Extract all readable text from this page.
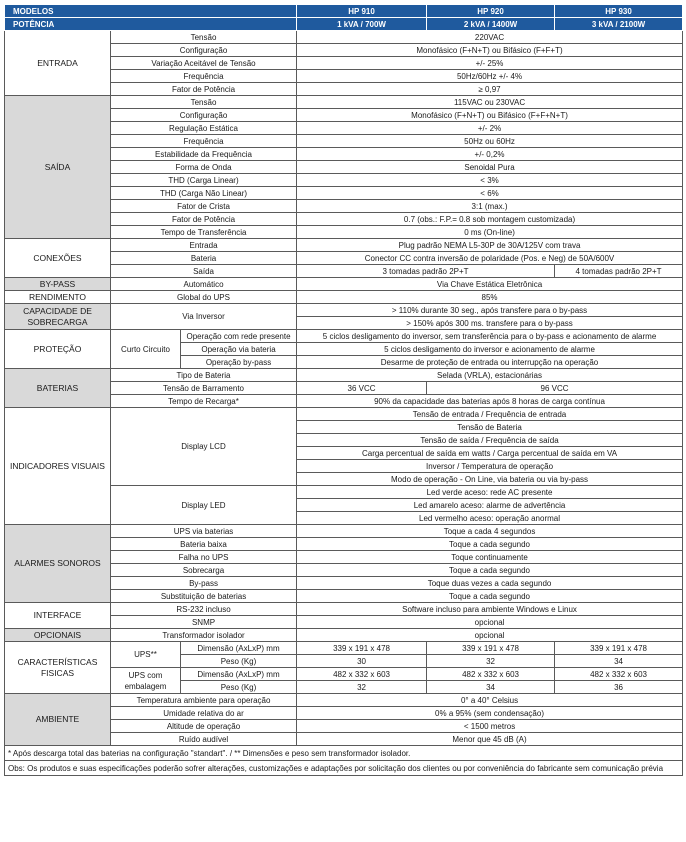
MODELOS			HP 910	HP 920	HP 930
POTÊNCIA			1 kVA / 700W	2 kVA / 1400W	3 kVA / 2100W
ENTRADA	Tensão		220VAC		
	Configuração		Monofásico (F+N+T) ou Bifásico (F+F+T)		
	Variação Aceitável de Tensão		+/- 25%		
	Frequência		50Hz/60Hz +/- 4%		
	Fator de Potência		≥ 0,97		
SAÍDA	Tensão		115VAC ou 230VAC		
	Configuração		Monofásico (F+N+T) ou Bifásico (F+F+N+T)		
	Regulação Estática		+/- 2%		
	Frequência		50Hz ou 60Hz		
	Estabilidade da Frequência		+/- 0,2%		
	Forma de Onda		Senoidal Pura		
	THD (Carga Linear)		< 3%		
	THD (Carga Não Linear)		< 6%		
	Fator de Crista		3:1 (max.)		
	Fator de Potência		0.7 (obs.: F.P.= 0.8 sob montagem customizada)		
	Tempo de Transferência		0 ms (On-line)		
CONEXÕES	Entrada		Plug padrão NEMA L5-30P de 30A/125V com trava		
	Bateria		Conector CC contra inversão de polaridade (Pos. e Neg) de 50A/600V		
	Saída		3 tomadas padrão 2P+T		4 tomadas padrão 2P+T
BY-PASS	Automático		Via Chave Estática Eletrônica		
RENDIMENTO	Global do UPS		85%		
CAPACIDADE DE SOBRECARGA	Via Inversor		> 110% durante 30 seg., após transfere para o by-pass		
			> 150% após 300 ms. transfere para o by-pass		
PROTEÇÃO	Curto Circuito	Operação com rede presente	5 ciclos desligamento do inversor, sem transferência para o by-pass e acionamento de alarme		
		Operação via bateria	5 ciclos desligamento do inversor e acionamento de alarme		
		Operação by-pass	Desarme de proteção de entrada ou interrupção na operação		
BATERIAS	Tipo de Bateria		Selada (VRLA), estacionárias		
	Tensão de Barramento		36 VCC	96 VCC	
	Tempo de Recarga*		90% da capacidade das baterias após 8 horas de carga contínua		
INDICADORES VISUAIS	Display LCD		Tensão de entrada / Frequência de entrada		
			Tensão de Bateria		
			Tensão de saída / Frequência de saída		
			Carga percentual de saída em watts / Carga percentual de saída em VA		
			Inversor / Temperatura de operação		
			Modo de operação - On Line, via bateria ou via by-pass		
	Display LED		Led verde aceso: rede AC presente		
			Led amarelo aceso: alarme de advertência		
			Led vermelho aceso: operação anormal		
ALARMES SONOROS	UPS via baterias		Toque a cada 4 segundos		
	Bateria baixa		Toque a cada segundo		
	Falha no UPS		Toque continuamente		
	Sobrecarga		Toque a cada segundo		
	By-pass		Toque duas vezes a cada segundo		
	Substituição de baterias		Toque a cada segundo		
INTERFACE	RS-232 incluso		Software incluso para ambiente Windows e Linux		
	SNMP		opcional		
OPCIONAIS	Transformador isolador		opcional		
CARACTERÍSTICAS FISICAS	UPS**	Dimensão (AxLxP) mm	339 x 191 x 478	339 x 191 x 478	339 x 191 x 478
		Peso (Kg)	30	32	34
	UPS com embalagem	Dimensão (AxLxP) mm	482 x 332 x 603	482 x 332 x 603	482 x 332 x 603
		Peso (Kg)	32	34	36
AMBIENTE	Temperatura ambiente para operação		0° a 40° Celsius		
	Umidade relativa do ar		0% a 95% (sem condensação)		
	Altitude de operação		< 1500 metros		
	Ruído audível		Menor que 45 dB (A)		
* Após descarga total das baterias na configuração "standart". / ** Dimensões e peso sem transformador isolador.					
Obs: Os produtos e suas especificações poderão sofrer alterações, customizações e adaptações por solicitação dos clientes ou por conveniência do fabricante sem comunicação prévia					
